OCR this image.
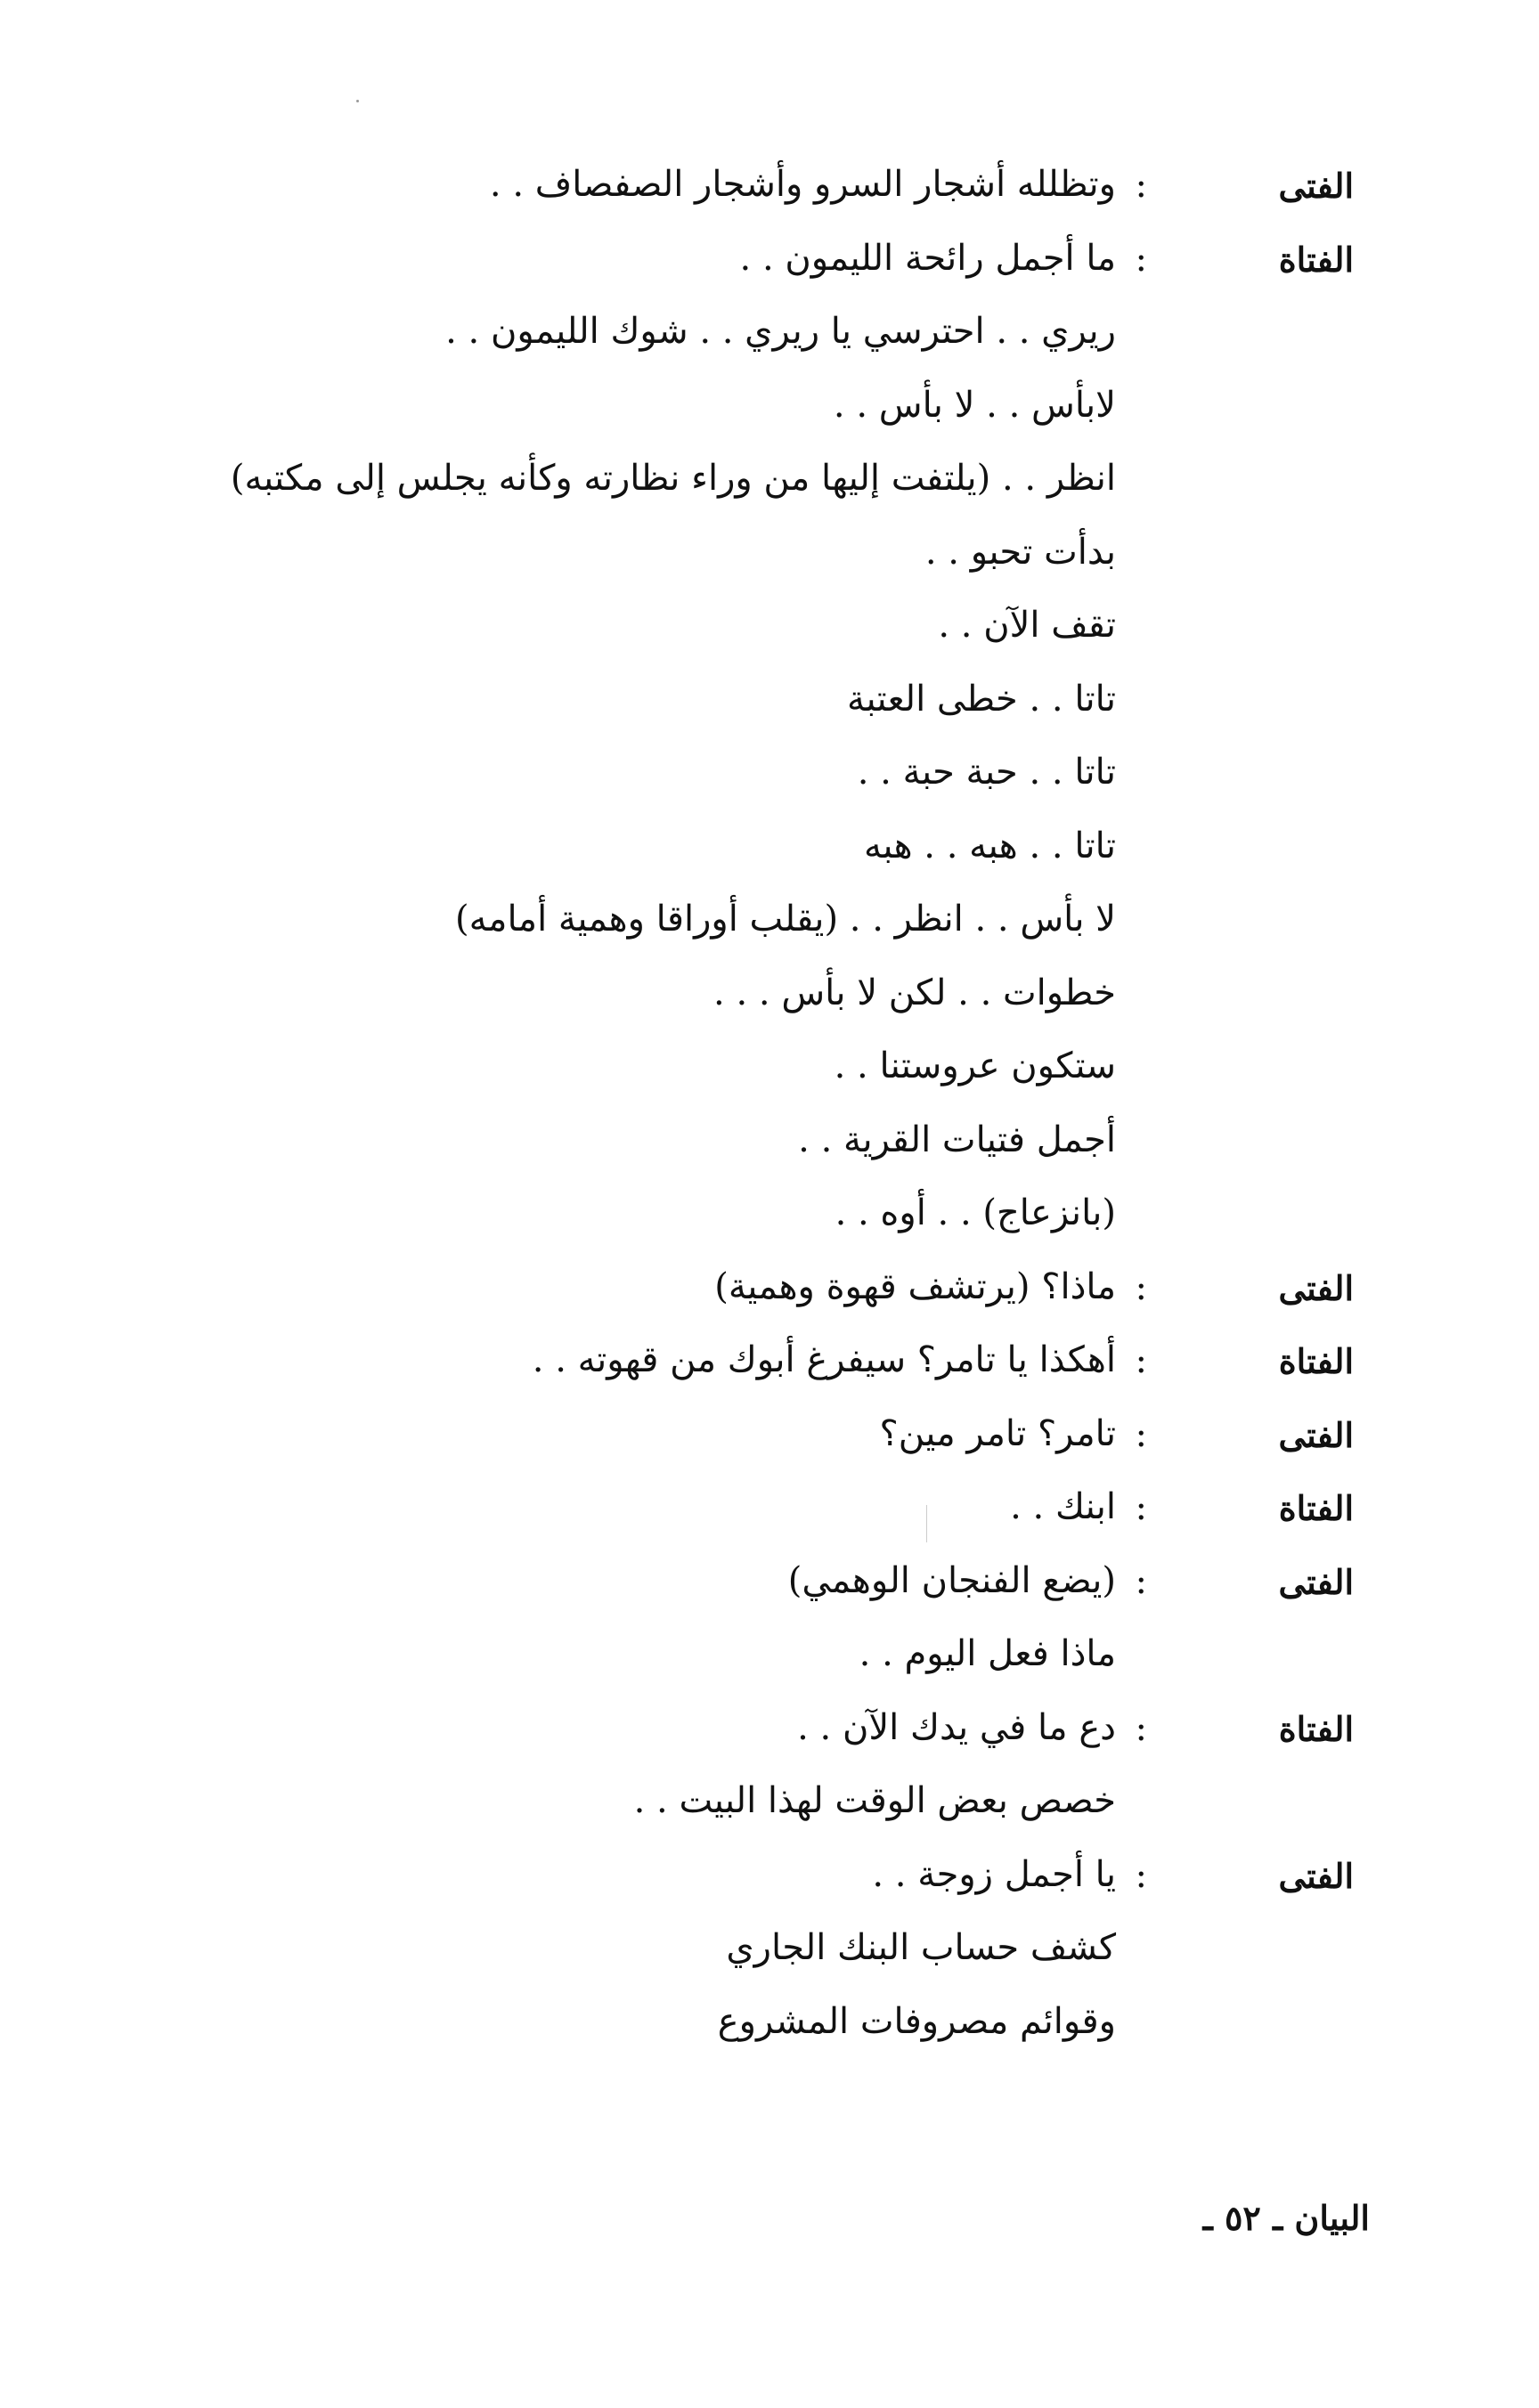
الفتى
:
وتظلله أشجار السرو وأشجار الصفصاف . .
الفتاة
:
ما أجمل رائحة الليمون . .
ريري . . احترسي يا ريري . . شوك الليمون . .
لابأس . . لا بأس . .
انظر . . (يلتفت إليها من وراء نظارته وكأنه يجلس إلى مكتبه)
بدأت تحبو . .
تقف الآن . .
تاتا . . خطى العتبة
تاتا . . حبة حبة . .
تاتا . . هبه . . هبه
لا بأس . . انظر . . (يقلب أوراقا وهمية أمامه)
خطوات . . لكن لا بأس . . .
ستكون عروستنا . .
أجمل فتيات القرية . .
(بانزعاج) . . أوه . .
الفتى
:
ماذا؟ (يرتشف قهوة وهمية)
الفتاة
:
أهكذا يا تامر؟ سيفرغ أبوك من قهوته . .
الفتى
:
تامر؟ تامر مين؟
الفتاة
:
ابنك . .
الفتى
:
(يضع الفنجان الوهمي)
ماذا فعل اليوم . .
الفتاة
:
دع ما في يدك الآن . .
خصص بعض الوقت لهذا البيت . .
الفتى
:
يا أجمل زوجة . .
كشف حساب البنك الجاري
وقوائم مصروفات المشروع
البيان ـ ٥٢ ـ
